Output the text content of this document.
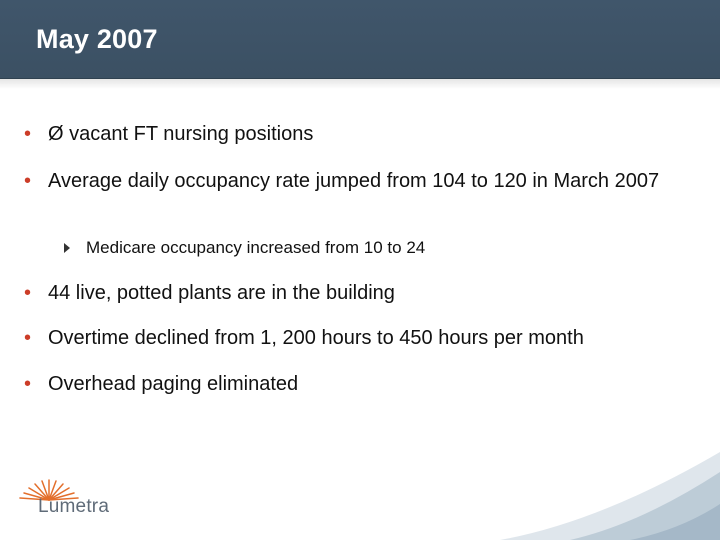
May 2007
• Ø vacant FT nursing positions
• Average daily occupancy rate jumped from 104 to 120 in March 2007
Medicare occupancy increased from 10 to 24
• 44 live, potted plants are in the building
• Overtime declined from 1, 200 hours to 450 hours per month
• Overhead paging eliminated
Lumetra
